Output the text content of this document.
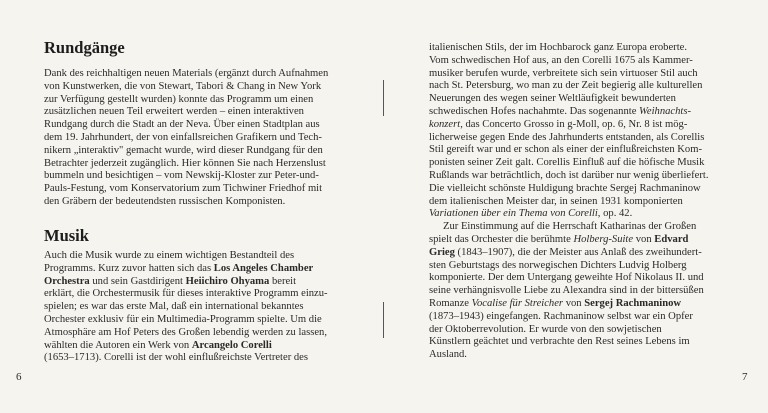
Rundgänge

Dank des reichhaltigen neuen Materials (ergänzt durch Aufnahmen
von Kunstwerken, die von Stewart, Tabori & Chang in New York
zur Verfügung gestellt wurden) konnte das Programm um einen
zusätzlichen neuen Teil erweitert werden – einen interaktiven
Rundgang durch die Stadt an der Neva. Über einen Stadtplan aus
dem 19. Jahrhundert, der von einfallsreichen Grafikern und Tech-
nikern „interaktiv" gemacht wurde, wird dieser Rundgang für den
Betrachter jederzeit zugänglich. Hier können Sie nach Herzenslust
bummeln und besichtigen – vom Newskij-Kloster zur Peter-und-
Pauls-Festung, vom Konservatorium zum Tichwiner Friedhof mit
den Gräbern der bedeutendsten russischen Komponisten.

Musik

Auch die Musik wurde zu einem wichtigen Bestandteil des
Programms. Kurz zuvor hatten sich das Los Angeles Chamber
Orchestra und sein Gastdirigent Heiichiro Ohyama bereit
erklärt, die Orchestermusik für dieses interaktive Programm einzu-
spielen; es war das erste Mal, daß ein international bekanntes
Orchester exklusiv für ein Multimedia-Programm spielte. Um die
Atmosphäre am Hof Peters des Großen lebendig werden zu lassen,
wählten die Autoren ein Werk von Arcangelo Corelli
(1653–1713). Corelli ist der wohl einflußreichste Vertreter des

6

italienischen Stils, der im Hochbarock ganz Europa eroberte.
Vom schwedischen Hof aus, an den Corelli 1675 als Kammer-
musiker berufen wurde, verbreitete sich sein virtuoser Stil auch
nach St. Petersburg, wo man zu der Zeit begierig alle kulturellen
Neuerungen des wegen seiner Weltläufigkeit bewunderten
schwedischen Hofes nachahmte. Das sogenannte Weihnachts-
konzert, das Concerto Grosso in g-Moll, op. 6, Nr. 8 ist mög-
licherweise gegen Ende des Jahrhunderts entstanden, als Corellis
Stil gereift war und er schon als einer der einflußreichsten Kom-
ponisten seiner Zeit galt. Corellis Einfluß auf die höfische Musik
Rußlands war beträchtlich, doch ist darüber nur wenig überliefert.
Die vielleicht schönste Huldigung brachte Sergej Rachmaninow
dem italienischen Meister dar, in seinen 1931 komponierten
Variationen über ein Thema von Corelli, op. 42.
Zur Einstimmung auf die Herrschaft Katharinas der Großen
spielt das Orchester die berühmte Holberg-Suite von Edvard
Grieg (1843–1907), die der Meister aus Anlaß des zweihundert-
sten Geburtstags des norwegischen Dichters Ludvig Holberg
komponierte. Der dem Untergang geweihte Hof Nikolaus II. und
seine verhängnisvolle Liebe zu Alexandra sind in der bittersüßen
Romanze Vocalise für Streicher von Sergej Rachmaninow
(1873–1943) eingefangen. Rachmaninow selbst war ein Opfer
der Oktoberrevolution. Er wurde von den sowjetischen
Künstlern geächtet und verbrachte den Rest seines Lebens im
Ausland.

7
